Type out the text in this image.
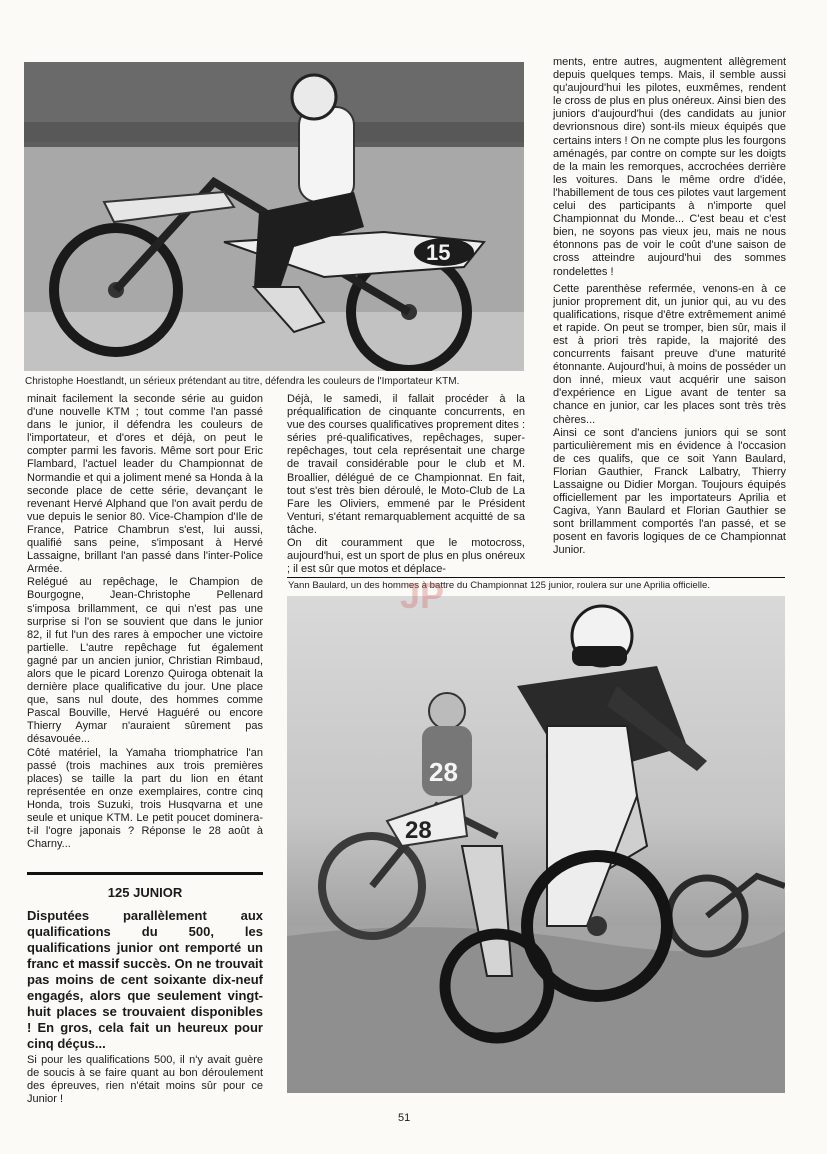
15
Christophe Hoestlandt, un sérieux prétendant au titre, défendra les couleurs de l'Importateur KTM.

ments, entre autres, augmentent allègrement depuis quelques temps. Mais, il semble aussi qu'aujourd'hui les pilotes, euxmêmes, rendent le cross de plus en plus onéreux. Ainsi bien des juniors d'aujourd'hui (des candidats au junior devrionsnous dire) sont-ils mieux équipés que certains inters ! On ne compte plus les fourgons aménagés, par contre on compte sur les doigts de la main les remorques, accrochées derrière les voitures. Dans le même ordre d'idée, l'habillement de tous ces pilotes vaut largement celui des participants à n'importe quel Championnat du Monde... C'est beau et c'est bien, ne soyons pas vieux jeu, mais ne nous étonnons pas de voir le coût d'une saison de cross atteindre aujourd'hui des sommes rondelettes !

Cette parenthèse refermée, venons-en à ce junior proprement dit, un junior qui, au vu des qualifications, risque d'être extrêmement animé et rapide. On peut se tromper, bien sûr, mais il est à priori très rapide, la majorité des concurrents faisant preuve d'une maturité étonnante. Aujourd'hui, à moins de posséder un don inné, mieux vaut acquérir une saison d'expérience en Ligue avant de tenter sa chance en junior, car les places sont très très chères...

Ainsi ce sont d'anciens juniors qui se sont particulièrement mis en évidence à l'occasion de ces qualifs, que ce soit Yann Baulard, Florian Gauthier, Franck Lalbatry, Thierry Lassaigne ou Didier Morgan. Toujours équipés officiellement par les importateurs Aprilia et Cagiva, Yann Baulard et Florian Gauthier se sont brillamment comportés l'an passé, et se posent en favoris logiques de ce Championnat Junior.

minait facilement la seconde série au guidon d'une nouvelle KTM ; tout comme l'an passé dans le junior, il défendra les couleurs de l'importateur, et d'ores et déjà, on peut le compter parmi les favoris. Même sort pour Eric Flambard, l'actuel leader du Championnat de Normandie et qui a joliment mené sa Honda à la seconde place de cette série, devançant le revenant Hervé Alphand que l'on avait perdu de vue depuis le senior 80. Vice-Champion d'Ile de France, Patrice Chambrun s'est, lui aussi, qualifié sans peine, s'imposant à Hervé Lassaigne, brillant l'an passé dans l'inter-Police Armée.

Relégué au repêchage, le Champion de Bourgogne, Jean-Christophe Pellenard s'imposa brillamment, ce qui n'est pas une surprise si l'on se souvient que dans le junior 82, il fut l'un des rares à empocher une victoire partielle. L'autre repêchage fut également gagné par un ancien junior, Christian Rimbaud, alors que le picard Lorenzo Quiroga obtenait la dernière place qualificative du jour. Une place que, sans nul doute, des hommes comme Pascal Bouville, Hervé Haguéré ou encore Thierry Aymar n'auraient sûrement pas désavouée...

Côté matériel, la Yamaha triomphatrice l'an passé (trois machines aux trois premières places) se taille la part du lion en étant représentée en onze exemplaires, contre cinq Honda, trois Suzuki, trois Husqvarna et une seule et unique KTM. Le petit poucet dominera-t-il l'ogre japonais ? Réponse le 28 août à Charny...

Déjà, le samedi, il fallait procéder à la préqualification de cinquante concurrents, en vue des courses qualificatives proprement dites : séries pré-qualificatives, repêchages, super-repêchages, tout cela représentait une charge de travail considérable pour le club et M. Broallier, délégué de ce Championnat. En fait, tout s'est très bien déroulé, le Moto-Club de La Fare les Oliviers, emmené par le Président Venturi, s'étant remarquablement acquitté de sa tâche.

On dit couramment que le motocross, aujourd'hui, est un sport de plus en plus onéreux ; il est sûr que motos et déplace-

Yann Baulard, un des hommes à battre du Championnat 125 junior, roulera sur une Aprilia officielle.
28
28
JP
125 JUNIOR
Disputées parallèlement aux qualifications du 500, les qualifications junior ont remporté un franc et massif succès. On ne trouvait pas moins de cent soixante dix-neuf engagés, alors que seulement vingt-huit places se trouvaient disponibles ! En gros, cela fait un heureux pour cinq déçus...
Si pour les qualifications 500, il n'y avait guère de soucis à se faire quant au bon déroulement des épreuves, rien n'était moins sûr pour ce Junior !
51
